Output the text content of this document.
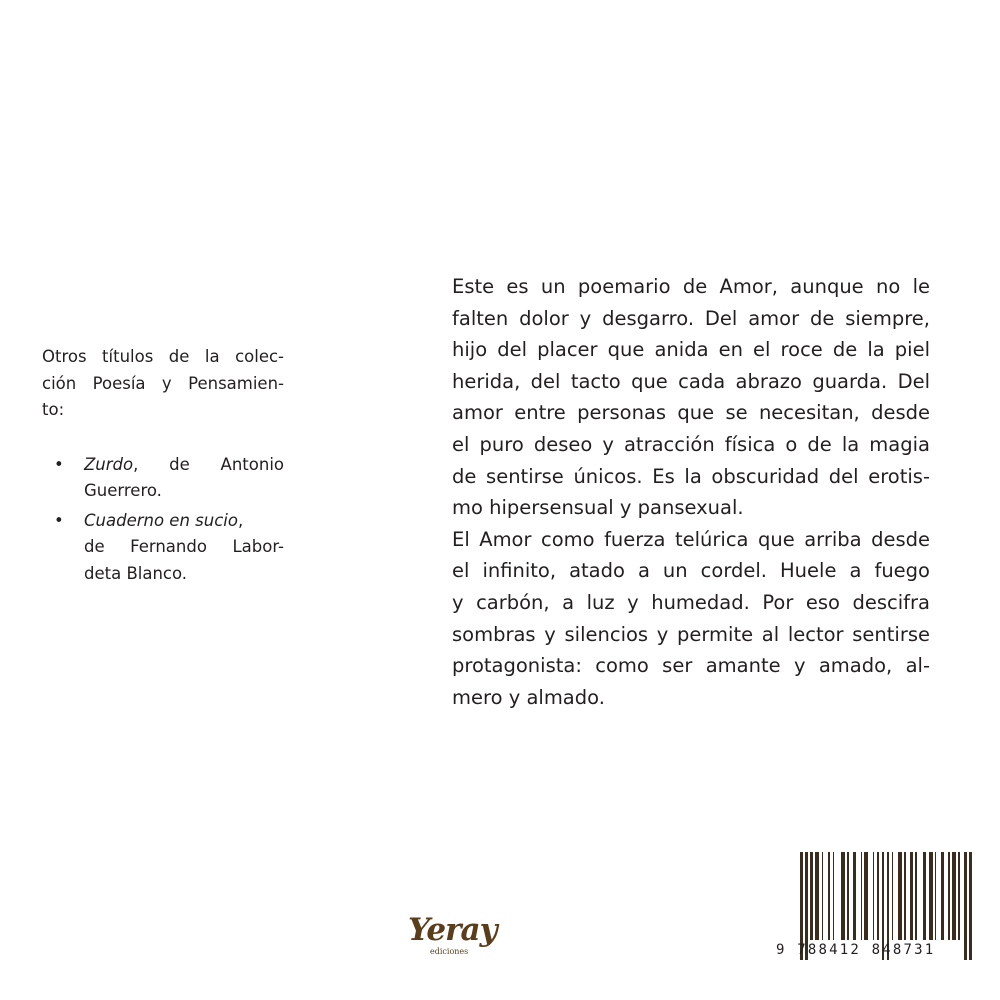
Otros títulos de la colec-
ción Poesía y Pensamien-
to:
• Zurdo, de Antonio
Guerrero.
• Cuaderno en sucio,
de Fernando Labor-
deta Blanco.
Este es un poemario de Amor, aunque no le
falten dolor y desgarro. Del amor de siempre,
hijo del placer que anida en el roce de la piel
herida, del tacto que cada abrazo guarda. Del
amor entre personas que se necesitan, desde
el puro deseo y atracción física o de la magia
de sentirse únicos. Es la obscuridad del erotis-
mo hipersensual y pansexual.
El Amor como fuerza telúrica que arriba desde
el infinito, atado a un cordel. Huele a fuego
y carbón, a luz y humedad. Por eso descifra
sombras y silencios y permite al lector sentirse
protagonista: como ser amante y amado, al-
mero y almado.
Yeray
ediciones	9 788412 848731
